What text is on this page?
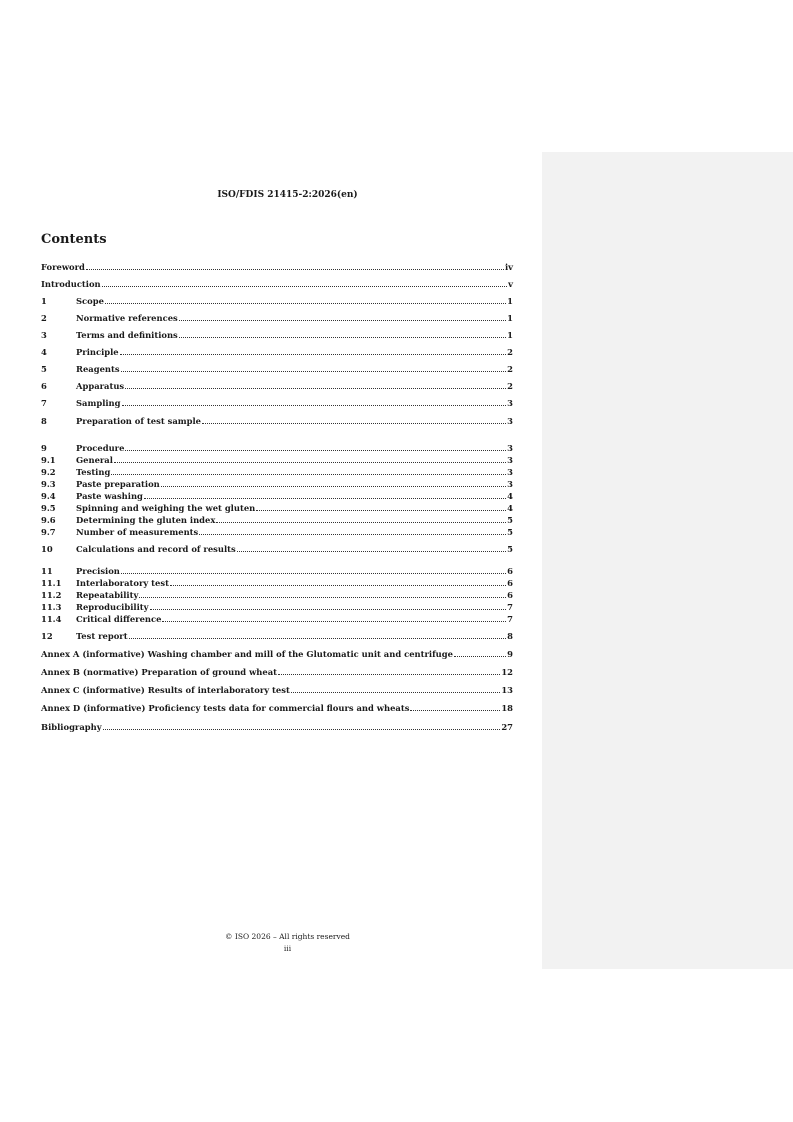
ISO/FDIS 21415-2:2026(en)
Contents
Foreword	iv
Introduction	v
1	Scope	1
2	Normative references	1
3	Terms and definitions	1
4	Principle	2
5	Reagents	2
6	Apparatus	2
7	Sampling	3
8	Preparation of test sample	3
9	Procedure	3
9.1	General	3
9.2	Testing	3
9.3	Paste preparation	3
9.4	Paste washing	4
9.5	Spinning and weighing the wet gluten	4
9.6	Determining the gluten index	5
9.7	Number of measurements	5
10	Calculations and record of results	5
11	Precision	6
11.1	Interlaboratory test	6
11.2	Repeatability	6
11.3	Reproducibility	7
11.4	Critical difference	7
12	Test report	8
Annex A (informative) Washing chamber and mill of the Glutomatic unit and centrifuge	9
Annex B (normative) Preparation of ground wheat	12
Annex C (informative) Results of interlaboratory test	13
Annex D (informative) Proficiency tests data for commercial flours and wheats	18
Bibliography	27
© ISO 2026 – All rights reserved
iii
